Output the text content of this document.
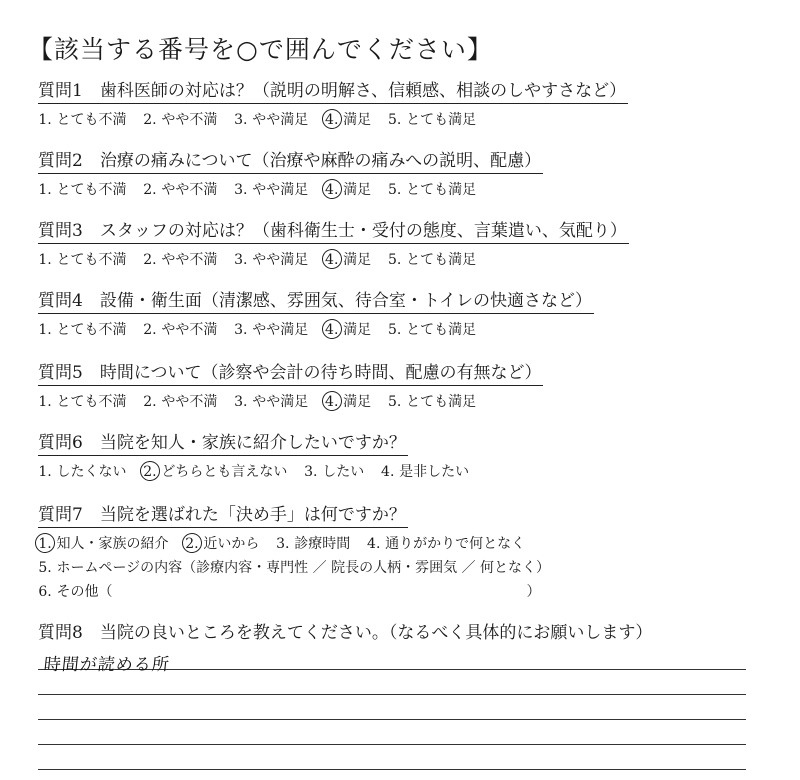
【該当する番号を○で囲んでください】
質問1　歯科医師の対応は？（説明の明解さ、信頼感、相談のしやすさなど）
1. とても不満 2. やや不満 3. やや満足 4. 満足 5. とても満足
質問2　治療の痛みについて（治療や麻酔の痛みへの説明、配慮）
1. とても不満 2. やや不満 3. やや満足 4. 満足 5. とても満足
質問3　スタッフの対応は？（歯科衛生士・受付の態度、言葉遣い、気配り）
1. とても不満 2. やや不満 3. やや満足 4. 満足 5. とても満足
質問4　設備・衛生面（清潔感、雰囲気、待合室・トイレの快適さなど）
1. とても不満 2. やや不満 3. やや満足 4. 満足 5. とても満足
質問5　時間について（診察や会計の待ち時間、配慮の有無など）
1. とても不満 2. やや不満 3. やや満足 4. 満足 5. とても満足
質問6　当院を知人・家族に紹介したいですか？
1. したくない 2. どちらとも言えない 3. したい 4. 是非したい
質問7　当院を選ばれた「決め手」は何ですか？
1. 知人・家族の紹介 2. 近いから 3. 診療時間 4. 通りがかりで何となく
5. ホームページの内容（診療内容・専門性 ／ 院長の人柄・雰囲気 ／ 何となく）
6. その他（	）
質問8　当院の良いところを教えてください。（なるべく具体的にお願いします）
時間が読める所
